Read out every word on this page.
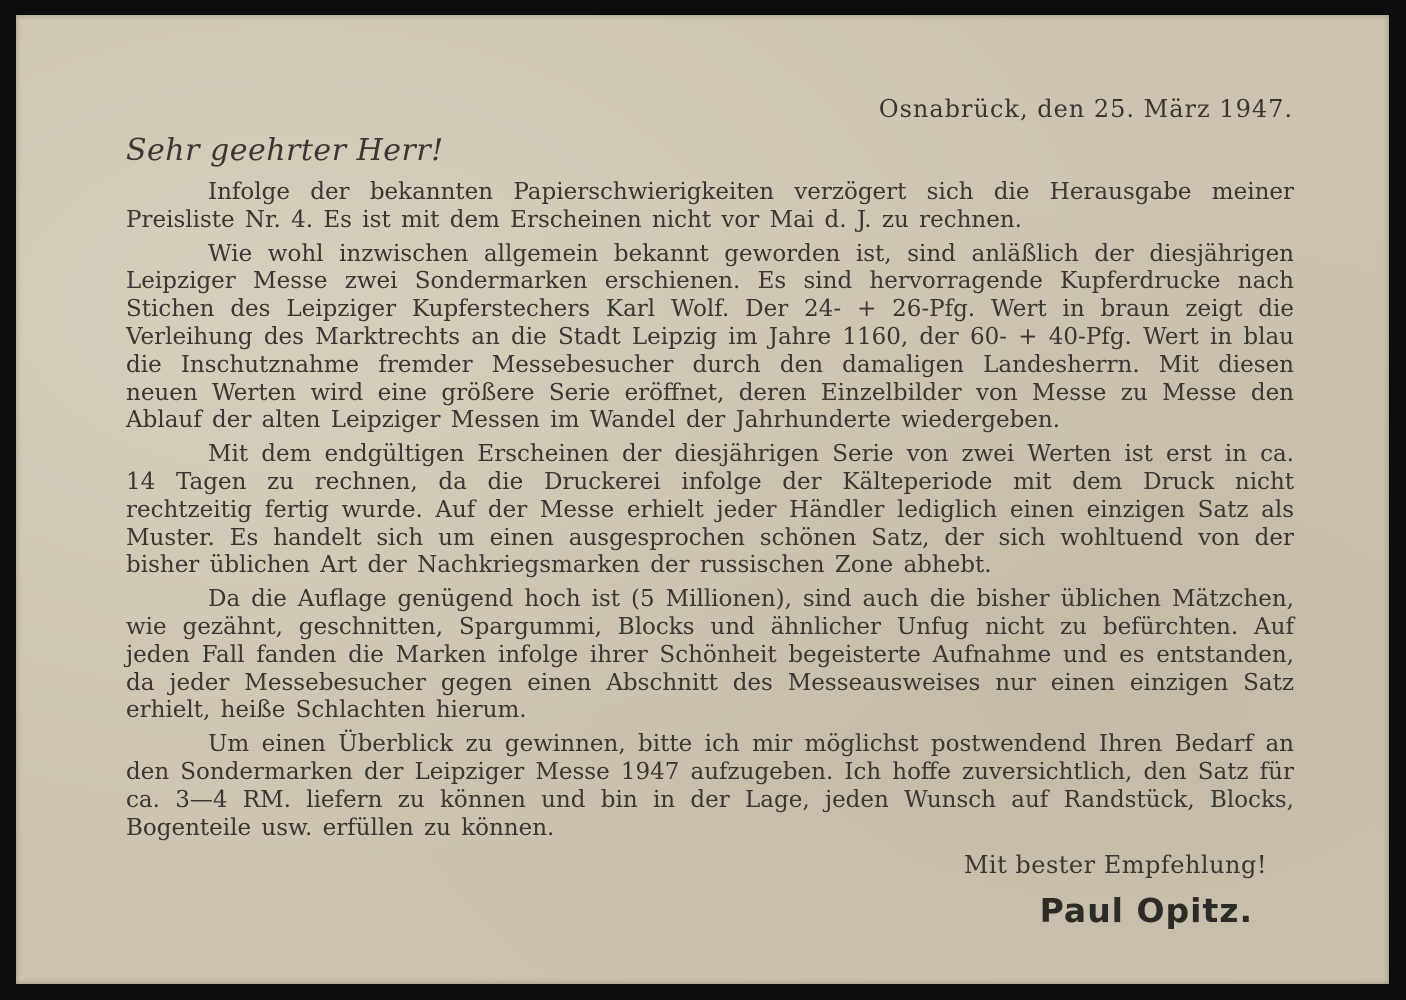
Osnabrück, den 25. März 1947.
Sehr geehrter Herr!

Infolge der bekannten Papierschwierigkeiten verzögert sich die Herausgabe meiner Preisliste Nr. 4. Es ist mit dem Erscheinen nicht vor Mai d. J. zu rechnen.

Wie wohl inzwischen allgemein bekannt geworden ist, sind anläßlich der diesjährigen Leipziger Messe zwei Sondermarken erschienen. Es sind hervorragende Kupferdrucke nach Stichen des Leipziger Kupferstechers Karl Wolf. Der 24- + 26-Pfg. Wert in braun zeigt die Verleihung des Marktrechts an die Stadt Leipzig im Jahre 1160, der 60- + 40-Pfg. Wert in blau die Inschutznahme fremder Messebesucher durch den damaligen Landesherrn. Mit diesen neuen Werten wird eine größere Serie eröffnet, deren Einzelbilder von Messe zu Messe den Ablauf der alten Leipziger Messen im Wandel der Jahrhunderte wiedergeben.

Mit dem endgültigen Erscheinen der diesjährigen Serie von zwei Werten ist erst in ca. 14 Tagen zu rechnen, da die Druckerei infolge der Kälteperiode mit dem Druck nicht rechtzeitig fertig wurde. Auf der Messe erhielt jeder Händler lediglich einen einzigen Satz als Muster. Es handelt sich um einen ausgesprochen schönen Satz, der sich wohltuend von der bisher üblichen Art der Nachkriegsmarken der russischen Zone abhebt.

Da die Auflage genügend hoch ist (5 Millionen), sind auch die bisher üblichen Mätzchen, wie gezähnt, geschnitten, Spargummi, Blocks und ähnlicher Unfug nicht zu befürchten. Auf jeden Fall fanden die Marken infolge ihrer Schönheit begeisterte Aufnahme und es entstanden, da jeder Messebesucher gegen einen Abschnitt des Messeausweises nur einen einzigen Satz erhielt, heiße Schlachten hierum.

Um einen Überblick zu gewinnen, bitte ich mir möglichst postwendend Ihren Bedarf an den Sondermarken der Leipziger Messe 1947 aufzugeben. Ich hoffe zuversichtlich, den Satz für ca. 3—4 RM. liefern zu können und bin in der Lage, jeden Wunsch auf Randstück, Blocks, Bogenteile usw. erfüllen zu können.

Mit bester Empfehlung!
Paul Opitz.
